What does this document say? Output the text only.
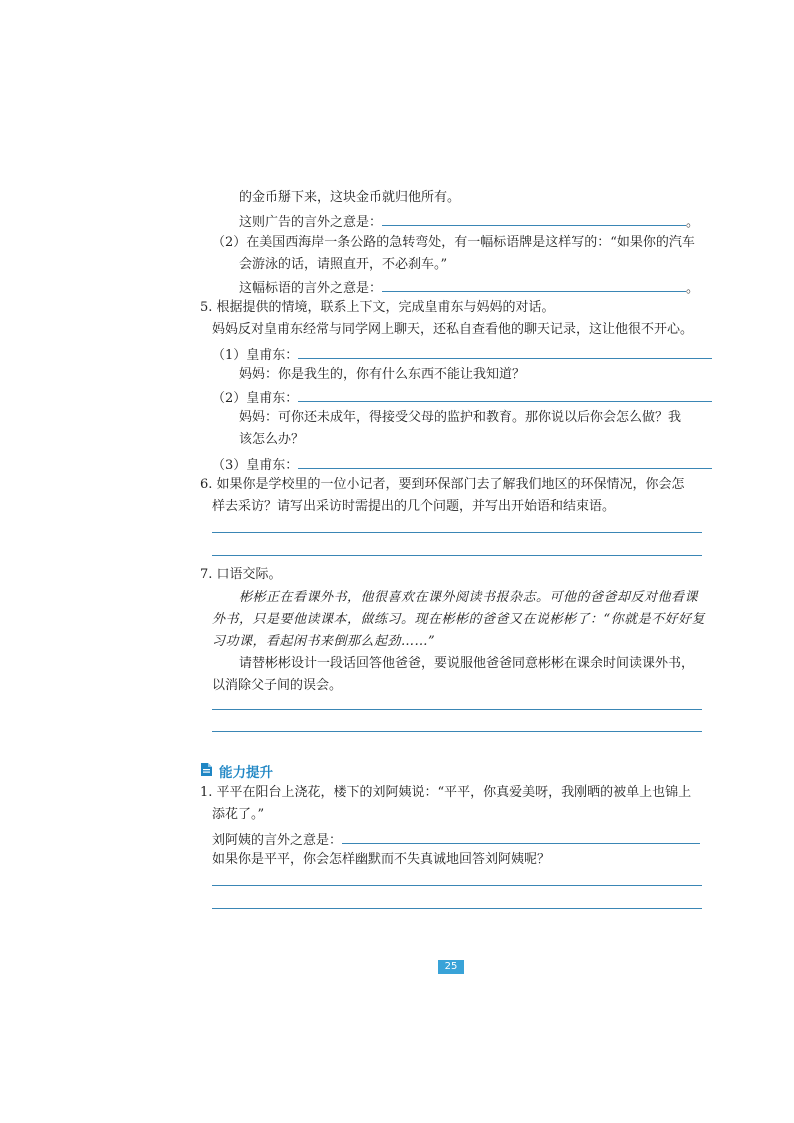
的金币掰下来，这块金币就归他所有。
这则广告的言外之意是：	。
（2）在美国西海岸一条公路的急转弯处，有一幅标语牌是这样写的：“如果你的汽车
会游泳的话，请照直开，不必刹车。”
这幅标语的言外之意是：	。
5. 根据提供的情境，联系上下文，完成皇甫东与妈妈的对话。
妈妈反对皇甫东经常与同学网上聊天，还私自查看他的聊天记录，这让他很不开心。
（1）皇甫东：
妈妈：你是我生的，你有什么东西不能让我知道？
（2）皇甫东：
妈妈：可你还未成年，得接受父母的监护和教育。那你说以后你会怎么做？我
该怎么办？
（3）皇甫东：
6. 如果你是学校里的一位小记者，要到环保部门去了解我们地区的环保情况，你会怎
样去采访？请写出采访时需提出的几个问题，并写出开始语和结束语。
7. 口语交际。
彬彬正在看课外书，他很喜欢在课外阅读书报杂志。可他的爸爸却反对他看课
外书，只是要他读课本，做练习。现在彬彬的爸爸又在说彬彬了：“你就是不好好复
习功课，看起闲书来倒那么起劲……”
请替彬彬设计一段话回答他爸爸，要说服他爸爸同意彬彬在课余时间读课外书，
以消除父子间的误会。
能力提升
1. 平平在阳台上浇花，楼下的刘阿姨说：“平平，你真爱美呀，我刚晒的被单上也锦上
添花了。”
刘阿姨的言外之意是：
如果你是平平，你会怎样幽默而不失真诚地回答刘阿姨呢？
25
